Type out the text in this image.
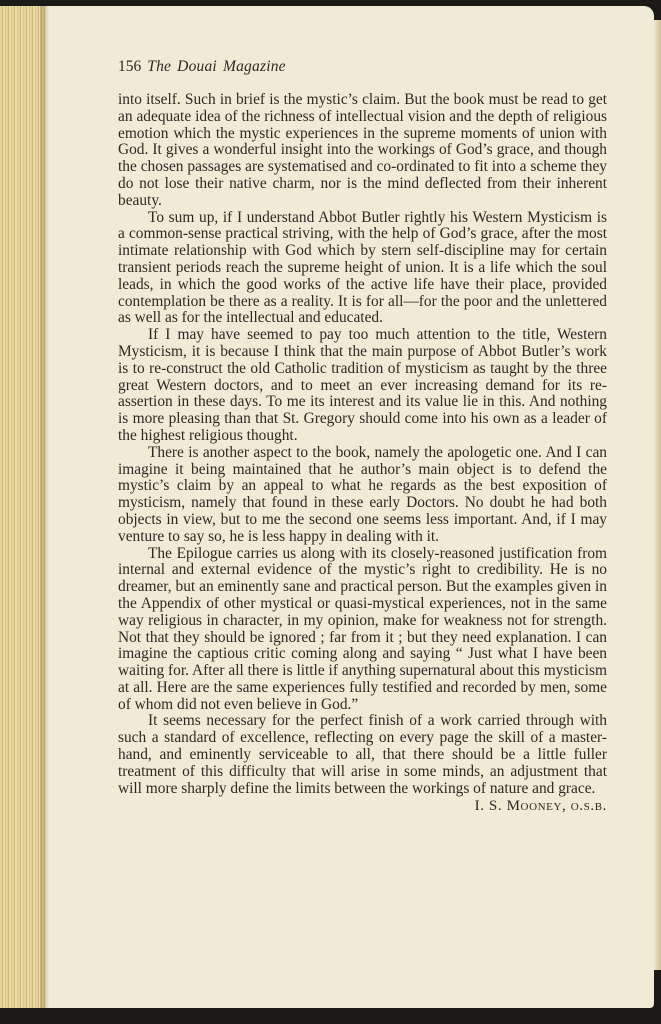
156 The Douai Magazine

into itself. Such in brief is the mystic’s claim. But the book must be read to get an adequate idea of the richness of intellectual vision and the depth of religious emotion which the mystic experiences in the supreme moments of union with God. It gives a wonderful insight into the workings of God’s grace, and though the chosen passages are systematised and co-ordinated to fit into a scheme they do not lose their native charm, nor is the mind deflected from their inherent beauty.

To sum up, if I understand Abbot Butler rightly his Western Mysticism is a common-sense practical striving, with the help of God’s grace, after the most intimate relationship with God which by stern self-discipline may for certain transient periods reach the supreme height of union. It is a life which the soul leads, in which the good works of the active life have their place, provided contemplation be there as a reality. It is for all—for the poor and the unlettered as well as for the intellectual and educated.

If I may have seemed to pay too much attention to the title, Western Mysticism, it is because I think that the main purpose of Abbot Butler’s work is to re-construct the old Catholic tradition of mysticism as taught by the three great Western doctors, and to meet an ever increasing demand for its re-assertion in these days. To me its interest and its value lie in this. And nothing is more pleasing than that St. Gregory should come into his own as a leader of the highest religious thought.

There is another aspect to the book, namely the apologetic one. And I can imagine it being maintained that he author’s main object is to defend the mystic’s claim by an appeal to what he regards as the best exposition of mysticism, namely that found in these early Doctors. No doubt he had both objects in view, but to me the second one seems less important. And, if I may venture to say so, he is less happy in dealing with it.

The Epilogue carries us along with its closely-reasoned justification from internal and external evidence of the mystic’s right to credibility. He is no dreamer, but an eminently sane and practical person. But the examples given in the Appendix of other mystical or quasi-mystical experiences, not in the same way religious in character, in my opinion, make for weakness not for strength. Not that they should be ignored ; far from it ; but they need explanation. I can imagine the captious critic coming along and saying “ Just what I have been waiting for. After all there is little if anything supernatural about this mysticism at all. Here are the same experiences fully testified and recorded by men, some of whom did not even believe in God.”

It seems necessary for the perfect finish of a work carried through with such a standard of excellence, reflecting on every page the skill of a master-hand, and eminently serviceable to all, that there should be a little fuller treatment of this difficulty that will arise in some minds, an adjustment that will more sharply define the limits between the workings of nature and grace.

I. S. Mooney, o.s.b.
